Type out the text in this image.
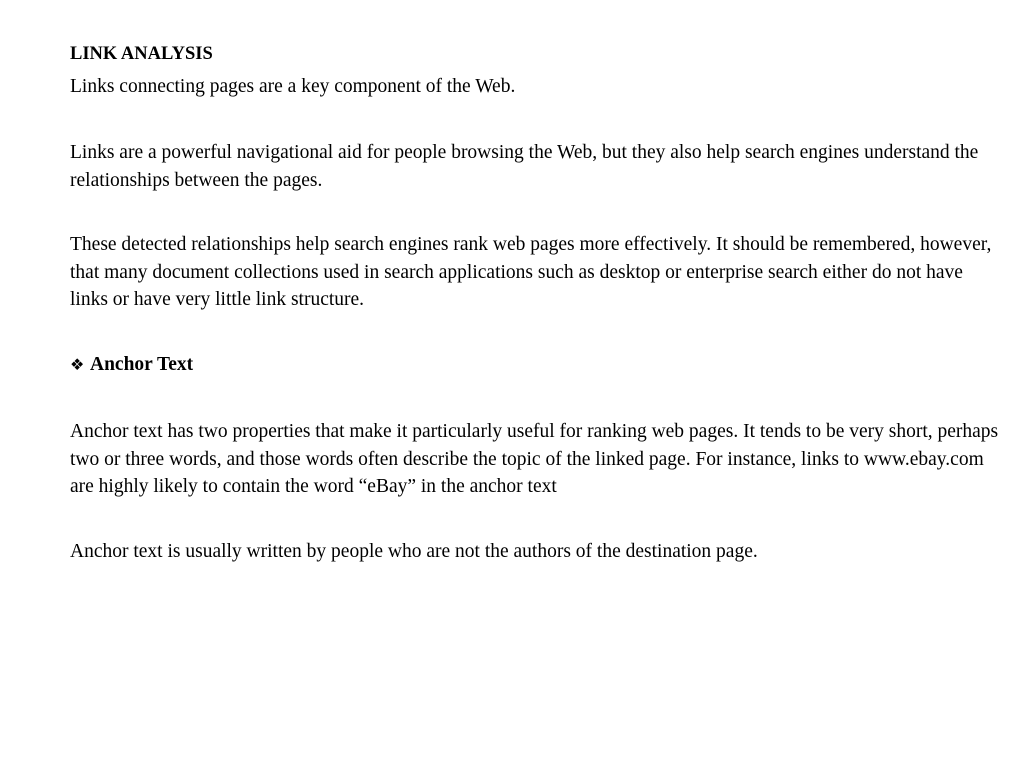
LINK ANALYSIS

Links connecting pages are a key component of the Web.

Links are a powerful navigational aid for people browsing the Web, but they also help search engines understand the relationships between the pages.

These detected relationships help search engines rank web pages more effectively. It should be remembered, however, that many document collections used in search applications such as desktop or enterprise search either do not have links or have very little link structure.

❖ Anchor Text

Anchor text has two properties that make it particularly useful for ranking web pages. It tends to be very short, perhaps two or three words, and those words often describe the topic of the linked page. For instance, links to www.ebay.com are highly likely to contain the word “eBay” in the anchor text

Anchor text is usually written by people who are not the authors of the destination page.
